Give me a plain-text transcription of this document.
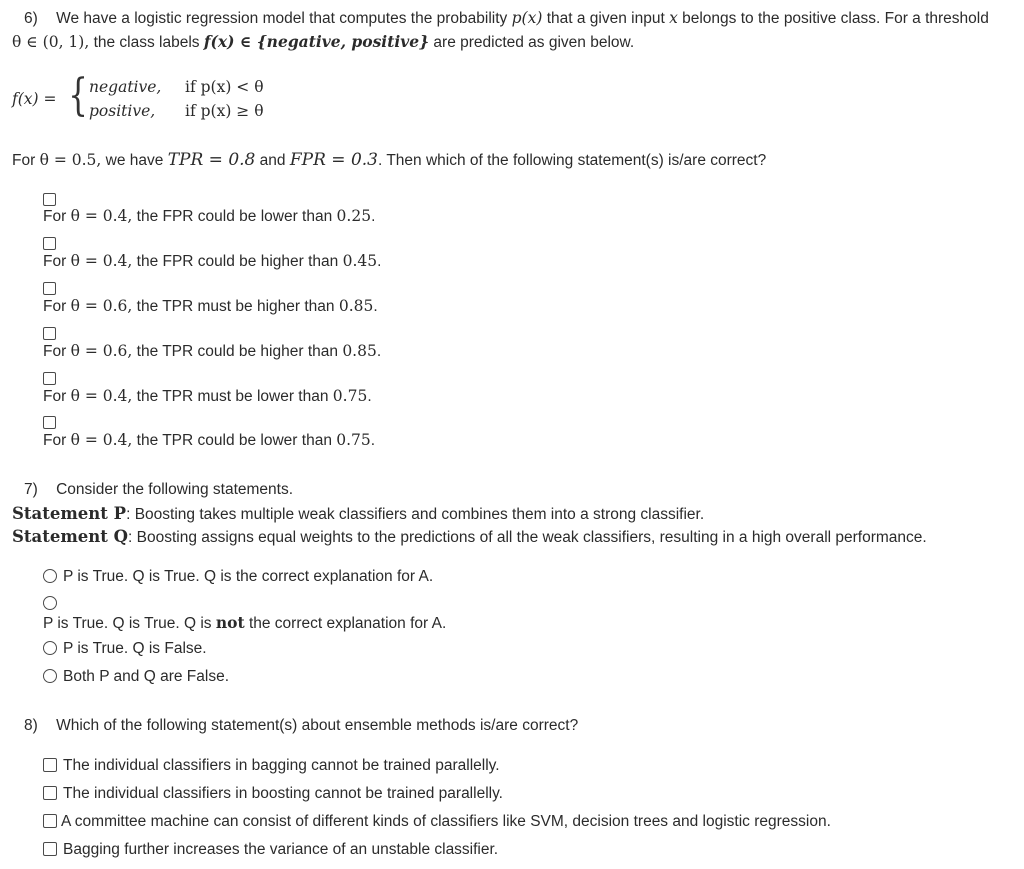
6) We have a logistic regression model that computes the probability p(x) that a given input x belongs to the positive class. For a threshold
θ ∈ (0, 1), the class labels f(x) ∈ {negative, positive} are predicted as given below.
f(x) = { negative, if p(x) < θ
positive, if p(x) ≥ θ
For θ = 0.5, we have TPR = 0.8 and FPR = 0.3. Then which of the following statement(s) is/are correct?
For θ = 0.4, the FPR could be lower than 0.25.
For θ = 0.4, the FPR could be higher than 0.45.
For θ = 0.6, the TPR must be higher than 0.85.
For θ = 0.6, the TPR could be higher than 0.85.
For θ = 0.4, the TPR must be lower than 0.75.
For θ = 0.4, the TPR could be lower than 0.75.
7) Consider the following statements.
Statement P: Boosting takes multiple weak classifiers and combines them into a strong classifier.
Statement Q: Boosting assigns equal weights to the predictions of all the weak classifiers, resulting in a high overall performance.
P is True. Q is True. Q is the correct explanation for A.
P is True. Q is True. Q is not the correct explanation for A.
P is True. Q is False.
Both P and Q are False.
8) Which of the following statement(s) about ensemble methods is/are correct?
The individual classifiers in bagging cannot be trained parallelly.
The individual classifiers in boosting cannot be trained parallelly.
A committee machine can consist of different kinds of classifiers like SVM, decision trees and logistic regression.
Bagging further increases the variance of an unstable classifier.
